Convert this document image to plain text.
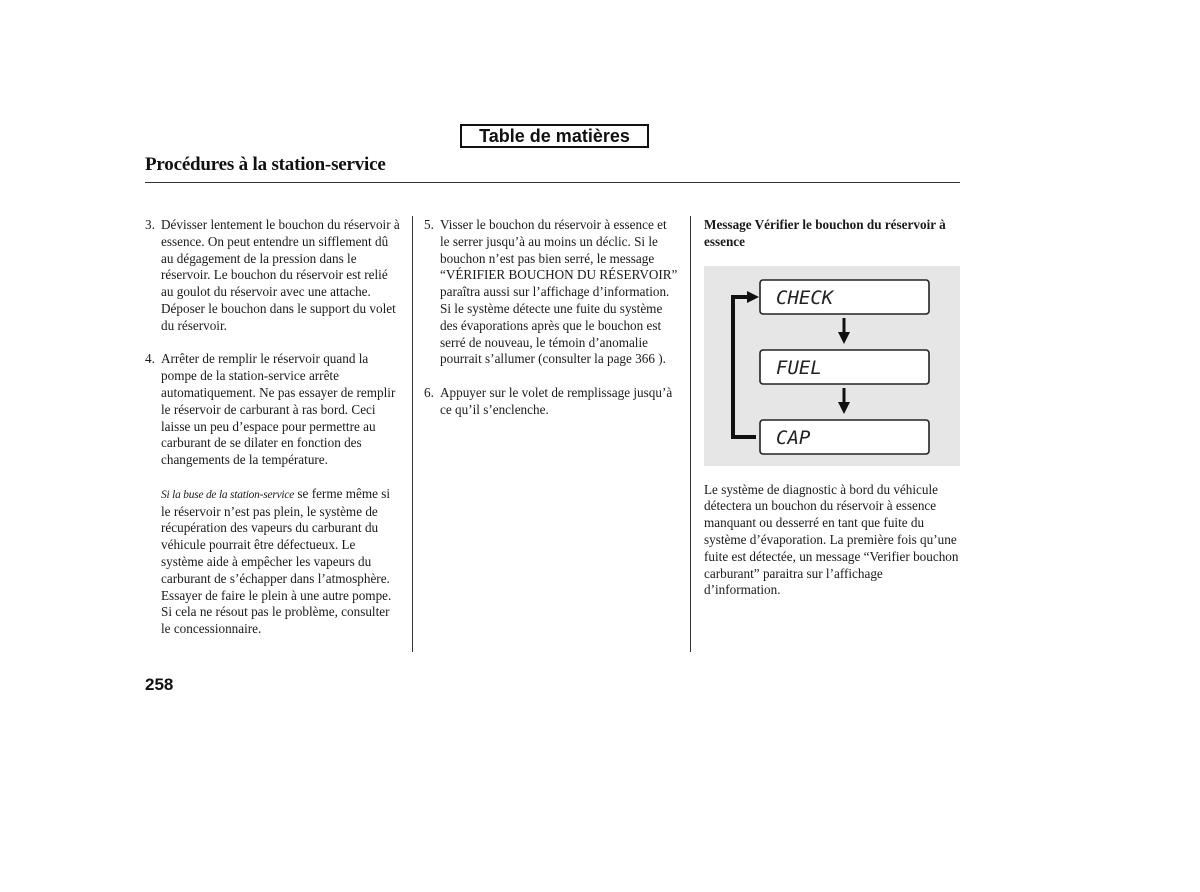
Table de matières
Procédures à la station-service
3. Dévisser lentement le bouchon du réservoir à essence. On peut entendre un sifflement dû au dégagement de la pression dans le réservoir. Le bouchon du réservoir est relié au goulot du réservoir avec une attache. Déposer le bouchon dans le support du volet du réservoir.
4. Arrêter de remplir le réservoir quand la pompe de la station-service arrête automatiquement. Ne pas essayer de remplir le réservoir de carburant à ras bord. Ceci laisse un peu d’espace pour permettre au carburant de se dilater en fonction des changements de la température.
Si la buse de la station-service se ferme même si le réservoir n’est pas plein, le système de récupération des vapeurs du carburant du véhicule pourrait être défectueux. Le système aide à empêcher les vapeurs du carburant de s’échapper dans l’atmosphère. Essayer de faire le plein à une autre pompe. Si cela ne résout pas le problème, consulter le concessionnaire.
5. Visser le bouchon du réservoir à essence et le serrer jusqu’à au moins un déclic. Si le bouchon n’est pas bien serré, le message “VÉRIFIER BOUCHON DU RÉSERVOIR” paraîtra aussi sur l’affichage d’information. Si le système détecte une fuite du système des évaporations après que le bouchon est serré de nouveau, le témoin d’anomalie pourrait s’allumer (consulter la page 366 ).
6. Appuyer sur le volet de remplissage jusqu’à ce qu’il s’enclenche.

Message Vérifier le bouchon du réservoir à essence

CHECK
FUEL
CAP

Le système de diagnostic à bord du véhicule détectera un bouchon du réservoir à essence manquant ou desserré en tant que fuite du système d’évaporation. La première fois qu’une fuite est détectée, un message “Verifier bouchon carburant” paraitra sur l’affichage d’information.

258
